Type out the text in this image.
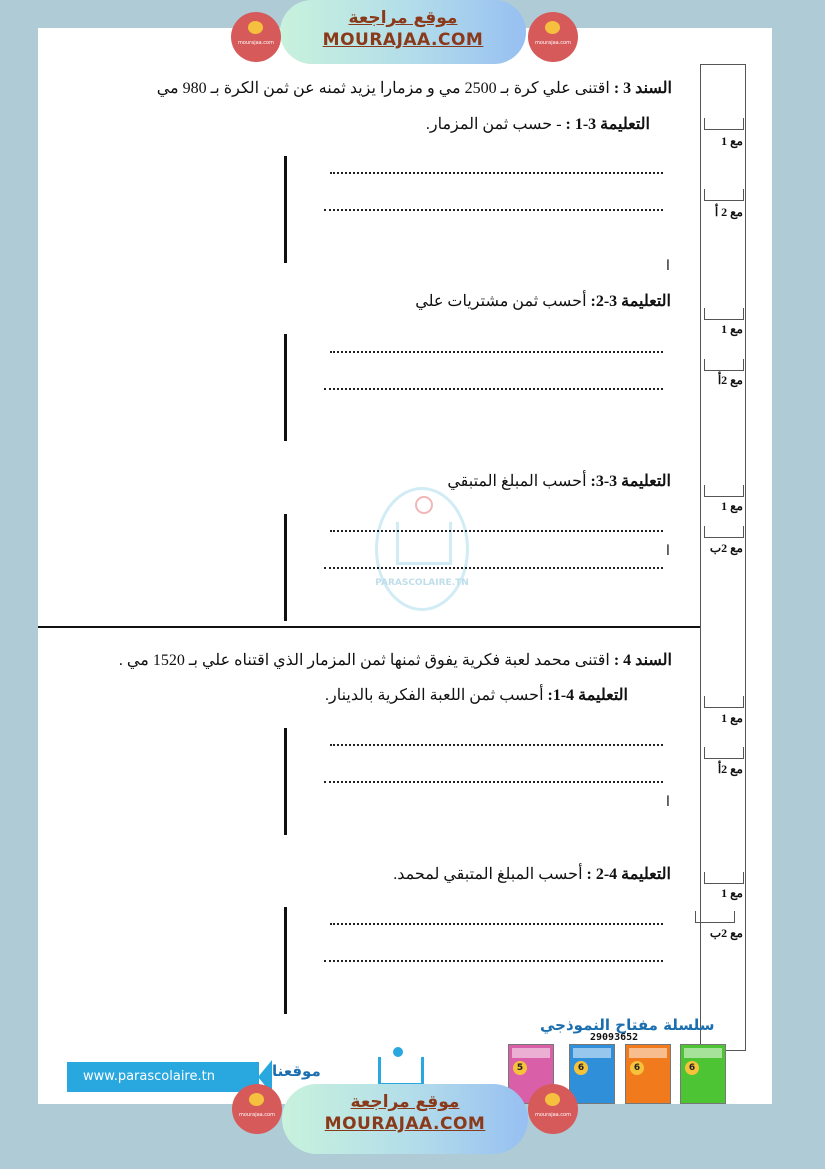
mourajaa.com
موقع مراجعة
MOURAJAA.COM	mourajaa.com
PARASCOLAIRE.TN
السند 3 : اقتنى علي كرة بـ 2500 مي و مزمارا يزيد ثمنه عن ثمن الكرة بـ 980 مي
التعليمة 3-1 : - حسب ثمن المزمار.
ا
التعليمة 3-2: أحسب ثمن مشتريات علي
التعليمة 3-3: أحسب المبلغ المتبقي
ا
السند 4 : اقتنى محمد لعبة فكرية يفوق ثمنها ثمن المزمار الذي اقتناه علي بـ 1520 مي .
التعليمة 4-1: أحسب ثمن اللعبة الفكرية بالدينار.
ا
التعليمة 4-2 : أحسب المبلغ المتبقي لمحمد.
مع 1
مع 2 أ
مع 1
مع 2أ
مع 1
مع 2ب
مع 1
مع 2أ
مع 1
مع 2ب
سلسلة مفتاح النموذجي
29093652
5	6	6	6
www.parascolaire.tn	موقعنا
mourajaa.com
موقع مراجعة
MOURAJAA.COM	mourajaa.com
